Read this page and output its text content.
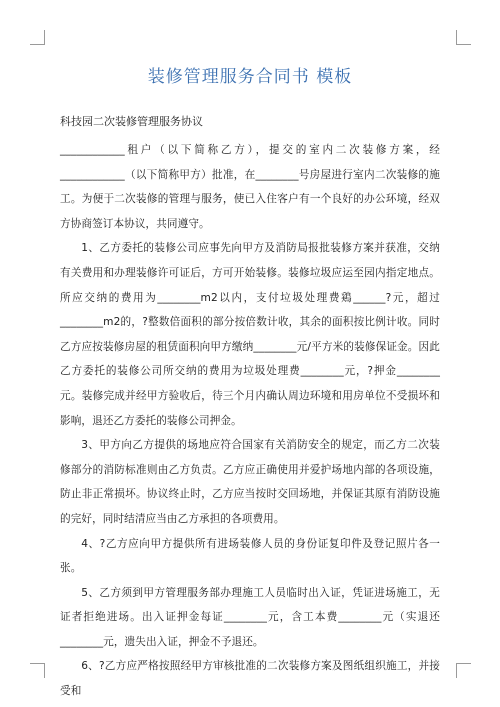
装修管理服务合同书 模板

科技园二次装修管理服务协议

____________租户（以下简称乙方），提交的室内二次装修方案，经____________（以下简称甲方）批准，在________号房屋进行室内二次装修的施工。为便于二次装修的管理与服务，使已入住客户有一个良好的办公环境，经双方协商签订本协议，共同遵守。

1、乙方委托的装修公司应事先向甲方及消防局报批装修方案并获准，交纳有关费用和办理装修许可证后，方可开始装修。装修垃圾应运至园内指定地点。所应交纳的费用为________m2以内，支付垃圾处理费鶏______?元，超过________m2的，?整数倍面积的部分按倍数计收，其余的面积按比例计收。同时乙方应按装修房屋的租赁面积向甲方缴纳________元/平方米的装修保证金。因此乙方委托的装修公司所交纳的费用为垃圾处理费________元，?押金________元。装修完成并经甲方验收后，待三个月内确认周边环境和用房单位不受损坏和影响，退还乙方委托的装修公司押金。

3、甲方向乙方提供的场地应符合国家有关消防安全的规定，而乙方二次装修部分的消防标准则由乙方负责。乙方应正确使用并爱护场地内部的各项设施，防止非正常损坏。协议终止时，乙方应当按时交回场地，并保证其原有消防设施的完好，同时结清应当由乙方承担的各项费用。

4、?乙方应向甲方提供所有进场装修人员的身份证复印件及登记照片各一张。

5、乙方须到甲方管理服务部办理施工人员临时出入证，凭证进场施工，无证者拒绝进场。出入证押金每证________元，含工本费________元（实退还________元，遗失出入证，押金不予退还。

6、?乙方应严格按照经甲方审核批准的二次装修方案及图纸组织施工，并接受和
